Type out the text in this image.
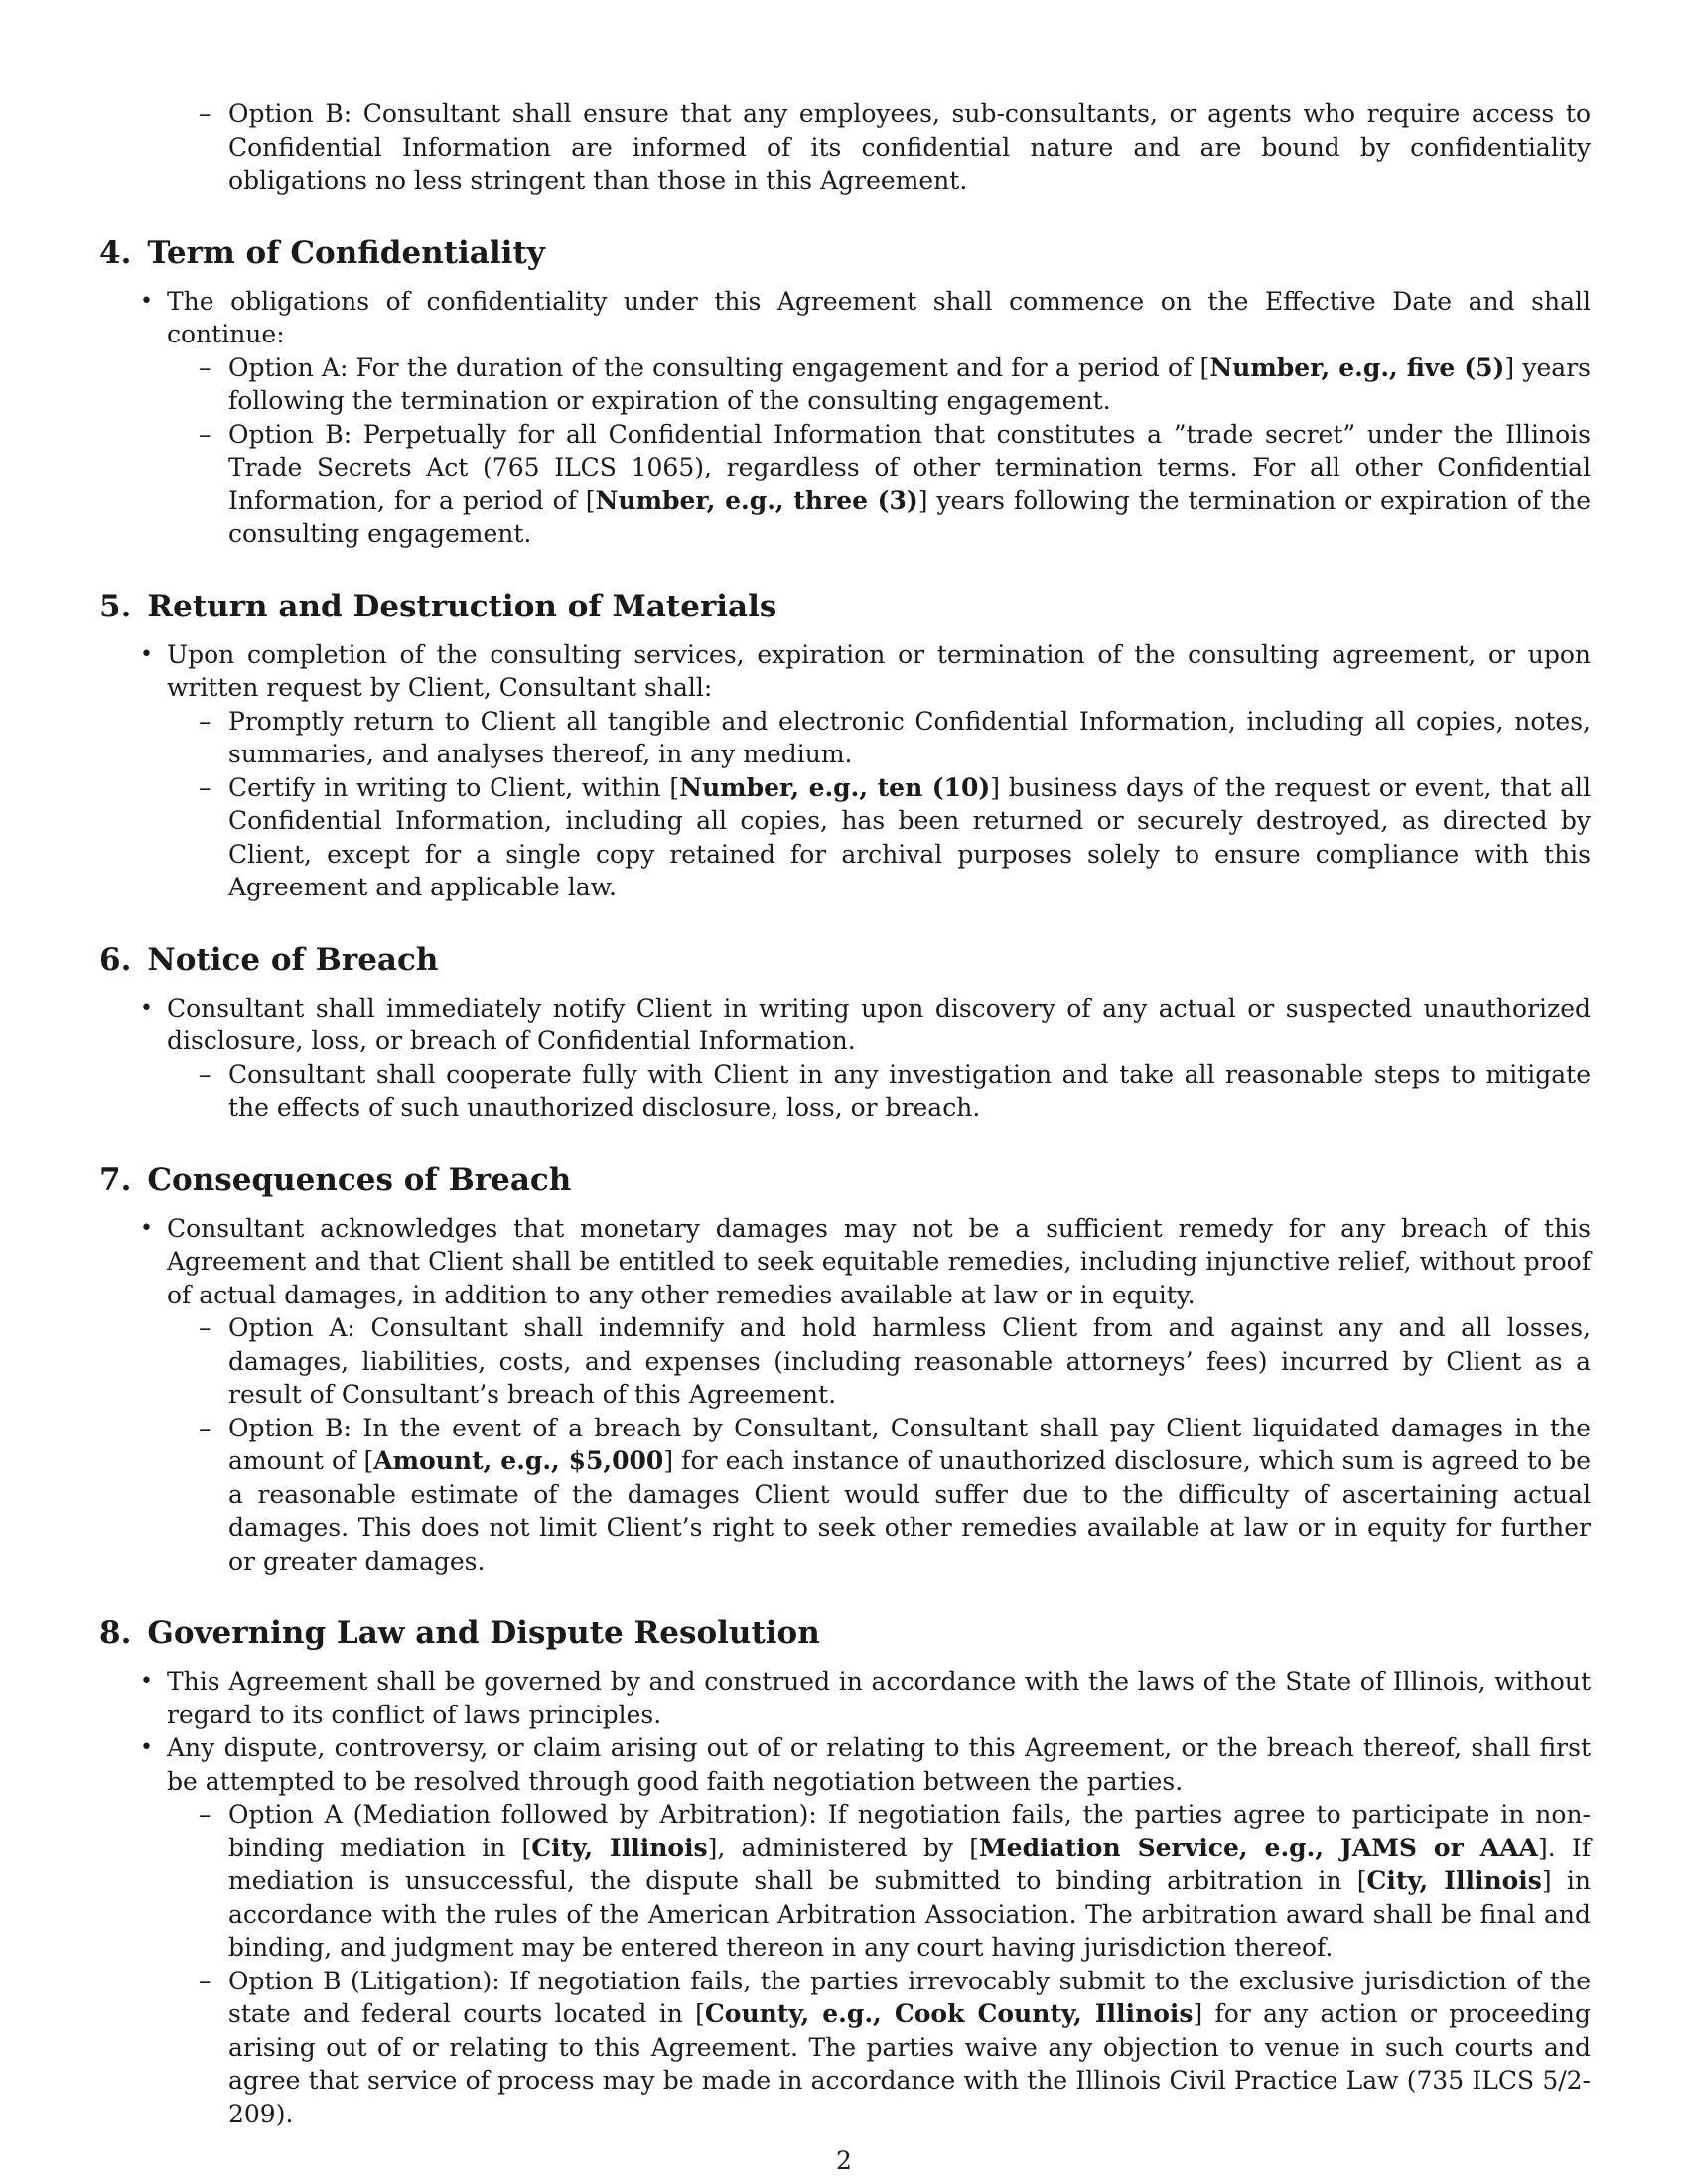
– Option B: Consultant shall ensure that any employees, sub-consultants, or agents who require access to Confidential Information are informed of its confidential nature and are bound by confidentiality obligations no less stringent than those in this Agreement.
4. Term of Confidentiality
• The obligations of confidentiality under this Agreement shall commence on the Effective Date and shall continue:
– Option A: For the duration of the consulting engagement and for a period of [Number, e.g., five (5)] years following the termination or expiration of the consulting engagement.
– Option B: Perpetually for all Confidential Information that constitutes a ”trade secret” under the Illinois Trade Secrets Act (765 ILCS 1065), regardless of other termination terms. For all other Confidential Information, for a period of [Number, e.g., three (3)] years following the termination or expiration of the consulting engagement.
5. Return and Destruction of Materials
• Upon completion of the consulting services, expiration or termination of the consulting agreement, or upon written request by Client, Consultant shall:
– Promptly return to Client all tangible and electronic Confidential Information, including all copies, notes, summaries, and analyses thereof, in any medium.
– Certify in writing to Client, within [Number, e.g., ten (10)] business days of the request or event, that all Confidential Information, including all copies, has been returned or securely destroyed, as directed by Client, except for a single copy retained for archival purposes solely to ensure compliance with this Agreement and applicable law.
6. Notice of Breach
• Consultant shall immediately notify Client in writing upon discovery of any actual or suspected unauthorized disclosure, loss, or breach of Confidential Information.
– Consultant shall cooperate fully with Client in any investigation and take all reasonable steps to mitigate the effects of such unauthorized disclosure, loss, or breach.
7. Consequences of Breach
• Consultant acknowledges that monetary damages may not be a sufficient remedy for any breach of this Agreement and that Client shall be entitled to seek equitable remedies, including injunctive relief, without proof of actual damages, in addition to any other remedies available at law or in equity.
– Option A: Consultant shall indemnify and hold harmless Client from and against any and all losses, damages, liabilities, costs, and expenses (including reasonable attorneys’ fees) incurred by Client as a result of Consultant’s breach of this Agreement.
– Option B: In the event of a breach by Consultant, Consultant shall pay Client liquidated damages in the amount of [Amount, e.g., $5,000] for each instance of unauthorized disclosure, which sum is agreed to be a reasonable estimate of the damages Client would suffer due to the difficulty of ascertaining actual damages. This does not limit Client’s right to seek other remedies available at law or in equity for further or greater damages.
8. Governing Law and Dispute Resolution
• This Agreement shall be governed by and construed in accordance with the laws of the State of Illinois, without regard to its conflict of laws principles.
• Any dispute, controversy, or claim arising out of or relating to this Agreement, or the breach thereof, shall first be attempted to be resolved through good faith negotiation between the parties.
– Option A (Mediation followed by Arbitration): If negotiation fails, the parties agree to participate in non-binding mediation in [City, Illinois], administered by [Mediation Service, e.g., JAMS or AAA]. If mediation is unsuccessful, the dispute shall be submitted to binding arbitration in [City, Illinois] in accordance with the rules of the American Arbitration Association. The arbitration award shall be final and binding, and judgment may be entered thereon in any court having jurisdiction thereof.
– Option B (Litigation): If negotiation fails, the parties irrevocably submit to the exclusive jurisdiction of the state and federal courts located in [County, e.g., Cook County, Illinois] for any action or proceeding arising out of or relating to this Agreement. The parties waive any objection to venue in such courts and agree that service of process may be made in accordance with the Illinois Civil Practice Law (735 ILCS 5/2-209).
2
